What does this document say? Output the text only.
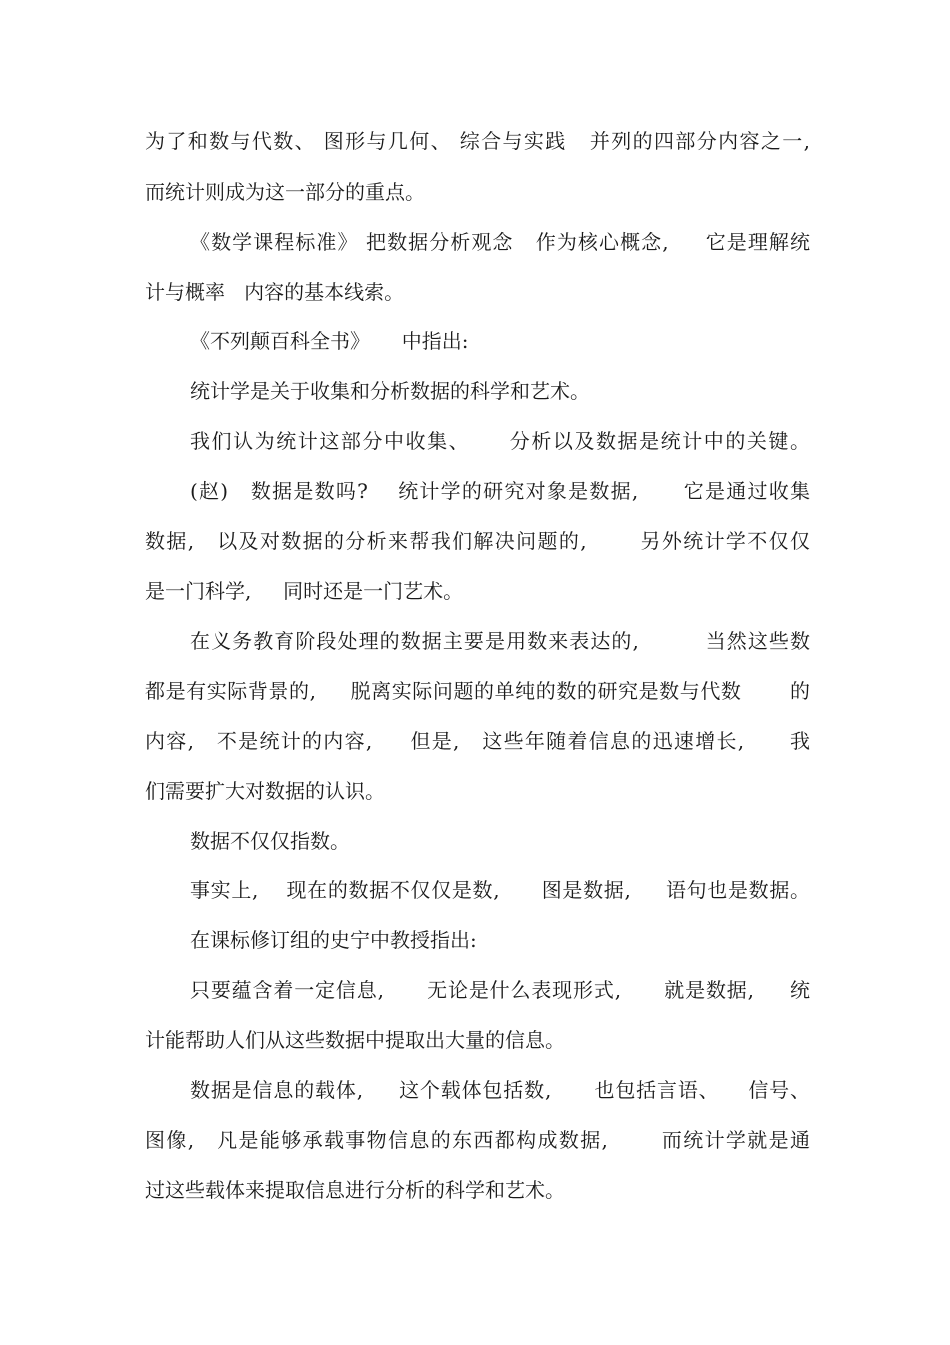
为了和数与代数、 图形与几何、 综合与实践   并列的四部分内容之一,
而统计则成为这一部分的重点。
《数学课程标准》 把数据分析观念   作为核心概念,     它是理解统
计与概率   内容的基本线索。
《不列颠百科全书》     中指出:
统计学是关于收集和分析数据的科学和艺术。
我们认为统计这部分中收集、     分析以及数据是统计中的关键。
(赵)   数据是数吗?    统计学的研究对象是数据,      它是通过收集
数据,   以及对数据的分析来帮我们解决问题的,       另外统计学不仅仅
是一门科学,     同时还是一门艺术。
在义务教育阶段处理的数据主要是用数来表达的,         当然这些数
都是有实际背景的,     脱离实际问题的单纯的数的研究是数与代数       的
内容,   不是统计的内容,     但是,   这些年随着信息的迅速增长,      我
们需要扩大对数据的认识。
数据不仅仅指数。
事实上,    现在的数据不仅仅是数,      图是数据,     语句也是数据。
在课标修订组的史宁中教授指出:
只要蕴含着一定信息,      无论是什么表现形式,      就是数据,     统
计能帮助人们从这些数据中提取出大量的信息。
数据是信息的载体,     这个载体包括数,      也包括言语、    信号、
图像,   凡是能够承载事物信息的东西都构成数据,       而统计学就是通
过这些载体来提取信息进行分析的科学和艺术。
